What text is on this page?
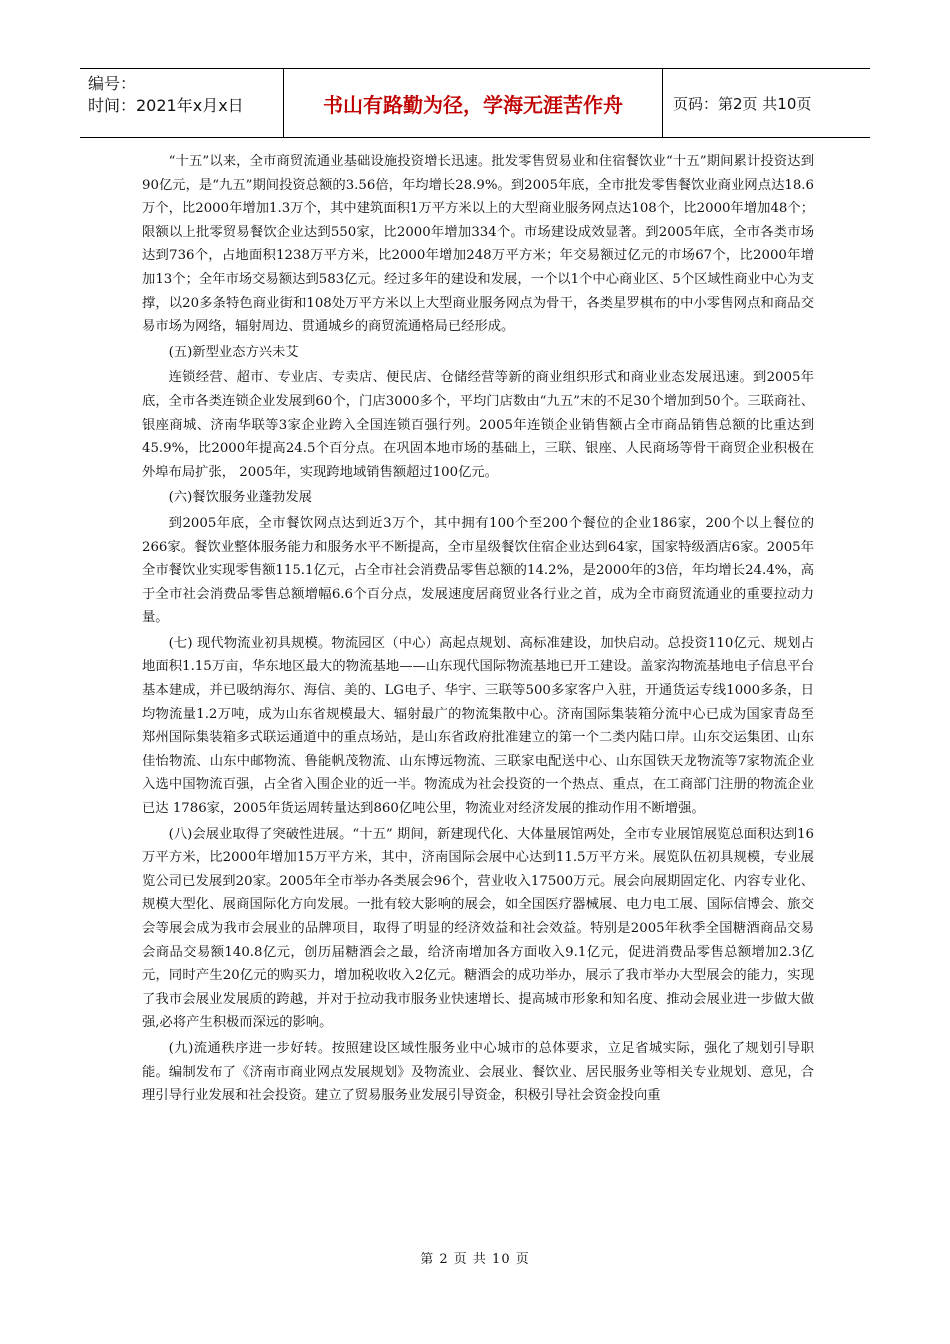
编号：
时间：2021年x月x日	书山有路勤为径，学海无涯苦作舟	页码：第2页 共10页

“十五”以来，全市商贸流通业基础设施投资增长迅速。批发零售贸易业和住宿餐饮业“十五”期间累计投资达到90亿元，是“九五”期间投资总额的3.56倍，年均增长28.9%。到2005年底，全市批发零售餐饮业商业网点达18.6万个，比2000年增加1.3万个，其中建筑面积1万平方米以上的大型商业服务网点达108个，比2000年增加48个；限额以上批零贸易餐饮企业达到550家，比2000年增加334个。市场建设成效显著。到2005年底，全市各类市场达到736个，占地面积1238万平方米，比2000年增加248万平方米；年交易额过亿元的市场67个，比2000年增加13个；全年市场交易额达到583亿元。经过多年的建设和发展，一个以1个中心商业区、5个区域性商业中心为支撑，以20多条特色商业街和108处万平方米以上大型商业服务网点为骨干，各类星罗棋布的中小零售网点和商品交易市场为网络，辐射周边、贯通城乡的商贸流通格局已经形成。

(五)新型业态方兴未艾

连锁经营、超市、专业店、专卖店、便民店、仓储经营等新的商业组织形式和商业业态发展迅速。到2005年底，全市各类连锁企业发展到60个，门店3000多个，平均门店数由“九五”末的不足30个增加到50个。三联商社、银座商城、济南华联等3家企业跨入全国连锁百强行列。2005年连锁企业销售额占全市商品销售总额的比重达到45.9%，比2000年提高24.5个百分点。在巩固本地市场的基础上，三联、银座、人民商场等骨干商贸企业积极在外埠布局扩张， 2005年，实现跨地域销售额超过100亿元。

(六)餐饮服务业蓬勃发展

到2005年底，全市餐饮网点达到近3万个，其中拥有100个至200个餐位的企业186家，200个以上餐位的266家。餐饮业整体服务能力和服务水平不断提高，全市星级餐饮住宿企业达到64家，国家特级酒店6家。2005年全市餐饮业实现零售额115.1亿元，占全市社会消费品零售总额的14.2%，是2000年的3倍，年均增长24.4%，高于全市社会消费品零售总额增幅6.6个百分点，发展速度居商贸业各行业之首，成为全市商贸流通业的重要拉动力量。

(七) 现代物流业初具规模。物流园区（中心）高起点规划、高标准建设，加快启动。总投资110亿元、规划占地面积1.15万亩，华东地区最大的物流基地——山东现代国际物流基地已开工建设。盖家沟物流基地电子信息平台基本建成，并已吸纳海尔、海信、美的、LG电子、华宇、三联等500多家客户入驻，开通货运专线1000多条，日均物流量1.2万吨，成为山东省规模最大、辐射最广的物流集散中心。济南国际集装箱分流中心已成为国家青岛至郑州国际集装箱多式联运通道中的重点场站，是山东省政府批准建立的第一个二类内陆口岸。山东交运集团、山东佳怡物流、山东中邮物流、鲁能帆茂物流、山东博远物流、三联家电配送中心、山东国铁天龙物流等7家物流企业入选中国物流百强，占全省入围企业的近一半。物流成为社会投资的一个热点、重点，在工商部门注册的物流企业已达 1786家，2005年货运周转量达到860亿吨公里，物流业对经济发展的推动作用不断增强。

(八)会展业取得了突破性进展。“十五” 期间，新建现代化、大体量展馆两处，全市专业展馆展览总面积达到16万平方米，比2000年增加15万平方米，其中，济南国际会展中心达到11.5万平方米。展览队伍初具规模，专业展览公司已发展到20家。2005年全市举办各类展会96个，营业收入17500万元。展会向展期固定化、内容专业化、规模大型化、展商国际化方向发展。一批有较大影响的展会，如全国医疗器械展、电力电工展、国际信博会、旅交会等展会成为我市会展业的品牌项目，取得了明显的经济效益和社会效益。特别是2005年秋季全国糖酒商品交易会商品交易额140.8亿元，创历届糖酒会之最，给济南增加各方面收入9.1亿元，促进消费品零售总额增加2.3亿元，同时产生20亿元的购买力，增加税收收入2亿元。糖酒会的成功举办，展示了我市举办大型展会的能力，实现了我市会展业发展质的跨越，并对于拉动我市服务业快速增长、提高城市形象和知名度、推动会展业进一步做大做强,必将产生积极而深远的影响。

(九)流通秩序进一步好转。按照建设区域性服务业中心城市的总体要求，立足省城实际，强化了规划引导职能。编制发布了《济南市商业网点发展规划》及物流业、会展业、餐饮业、居民服务业等相关专业规划、意见，合理引导行业发展和社会投资。建立了贸易服务业发展引导资金，积极引导社会资金投向重

第 2 页 共 10 页
